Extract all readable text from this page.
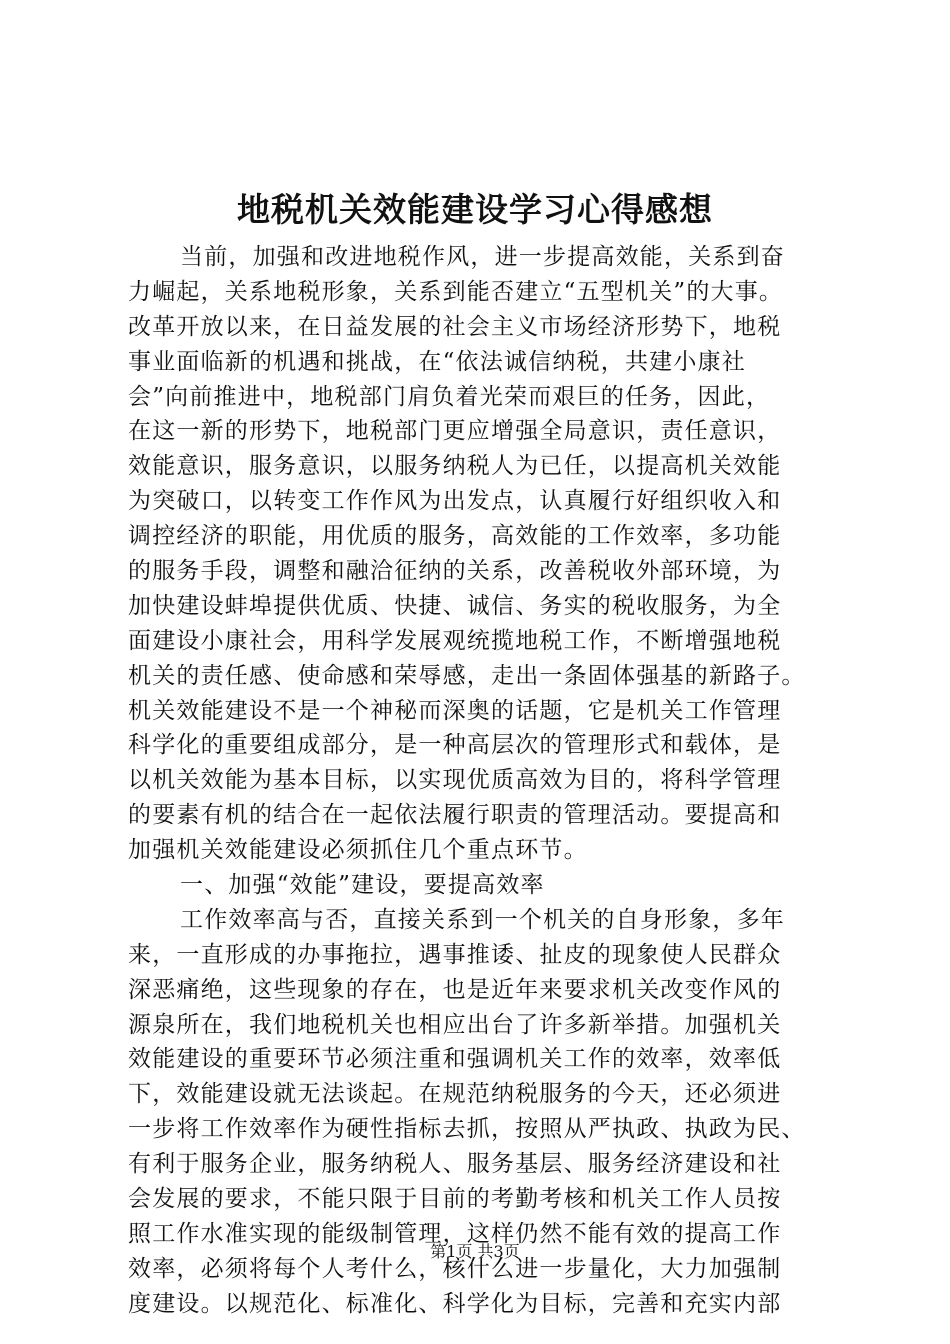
地税机关效能建设学习心得感想
当前，加强和改进地税作风，进一步提高效能，关系到奋
力崛起，关系地税形象，关系到能否建立“五型机关”的大事。
改革开放以来，在日益发展的社会主义市场经济形势下，地税
事业面临新的机遇和挑战，在“依法诚信纳税，共建小康社
会”向前推进中，地税部门肩负着光荣而艰巨的任务，因此，
在这一新的形势下，地税部门更应增强全局意识，责任意识，
效能意识，服务意识，以服务纳税人为已任，以提高机关效能
为突破口，以转变工作作风为出发点，认真履行好组织收入和
调控经济的职能，用优质的服务，高效能的工作效率，多功能
的服务手段，调整和融洽征纳的关系，改善税收外部环境，为
加快建设蚌埠提供优质、快捷、诚信、务实的税收服务，为全
面建设小康社会，用科学发展观统揽地税工作，不断增强地税
机关的责任感、使命感和荣辱感，走出一条固体强基的新路子。
机关效能建设不是一个神秘而深奥的话题，它是机关工作管理
科学化的重要组成部分，是一种高层次的管理形式和载体，是
以机关效能为基本目标，以实现优质高效为目的，将科学管理
的要素有机的结合在一起依法履行职责的管理活动。要提高和
加强机关效能建设必须抓住几个重点环节。
一、加强“效能”建设，要提高效率
工作效率高与否，直接关系到一个机关的自身形象，多年
来，一直形成的办事拖拉，遇事推诿、扯皮的现象使人民群众
深恶痛绝，这些现象的存在，也是近年来要求机关改变作风的
源泉所在，我们地税机关也相应出台了许多新举措。加强机关
效能建设的重要环节必须注重和强调机关工作的效率，效率低
下，效能建设就无法谈起。在规范纳税服务的今天，还必须进
一步将工作效率作为硬性指标去抓，按照从严执政、执政为民、
有利于服务企业，服务纳税人、服务基层、服务经济建设和社
会发展的要求，不能只限于目前的考勤考核和机关工作人员按
照工作水准实现的能级制管理，这样仍然不能有效的提高工作
效率，必须将每个人考什么，核什么进一步量化，大力加强制
度建设。以规范化、标准化、科学化为目标，完善和充实内部
第1页 共3页
